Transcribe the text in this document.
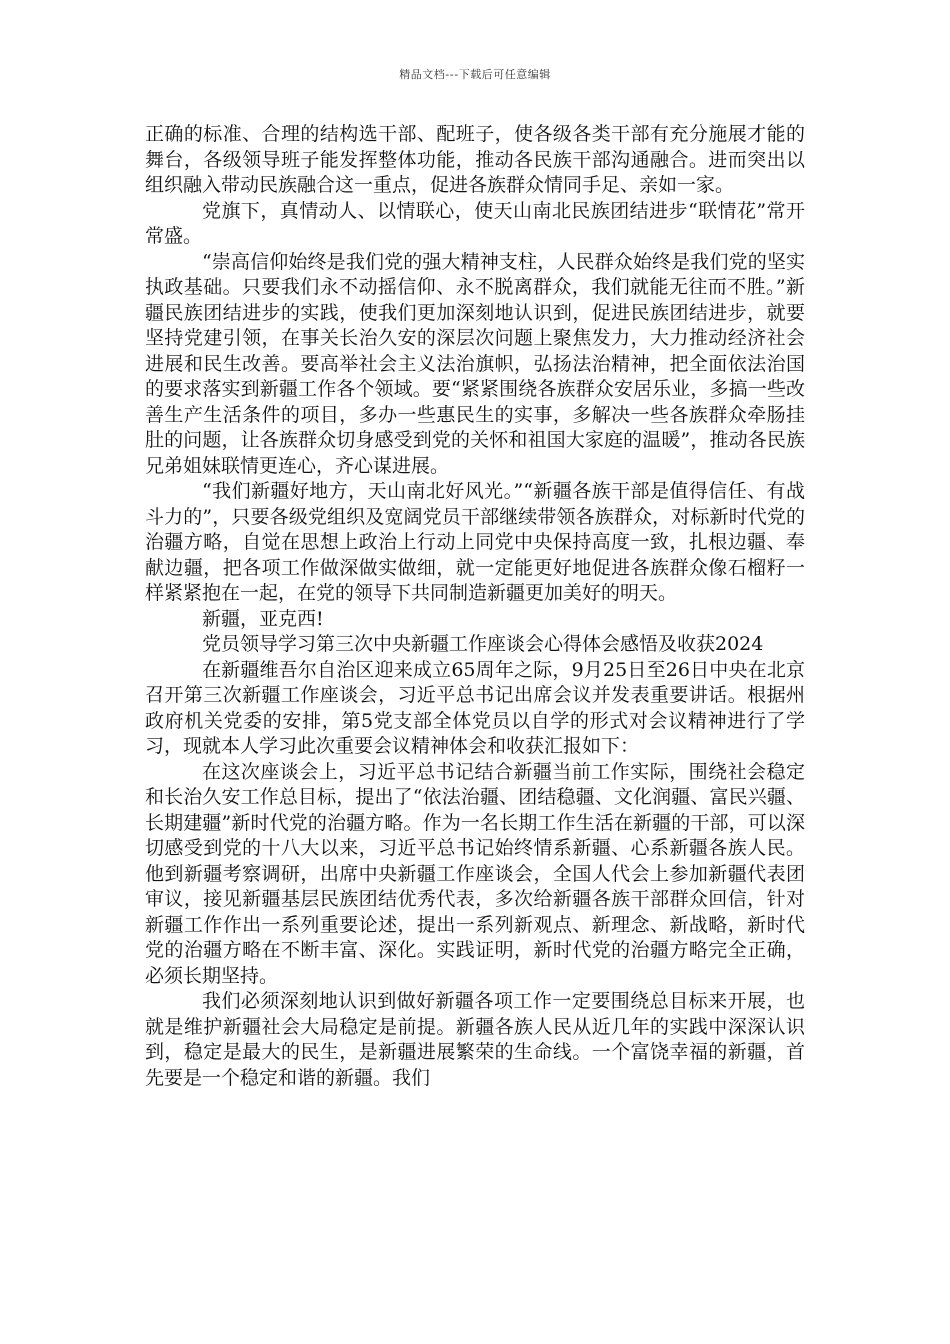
精品文档---下载后可任意编辑

正确的标准、合理的结构选干部、配班子，使各级各类干部有充分施展才能的舞台，各级领导班子能发挥整体功能，推动各民族干部沟通融合。进而突出以组织融入带动民族融合这一重点，促进各族群众情同手足、亲如一家。

党旗下，真情动人、以情联心，使天山南北民族团结进步“联情花”常开常盛。

“崇高信仰始终是我们党的强大精神支柱，人民群众始终是我们党的坚实执政基础。只要我们永不动摇信仰、永不脱离群众，我们就能无往而不胜。”新疆民族团结进步的实践，使我们更加深刻地认识到，促进民族团结进步，就要坚持党建引领，在事关长治久安的深层次问题上聚焦发力，大力推动经济社会进展和民生改善。要高举社会主义法治旗帜，弘扬法治精神，把全面依法治国的要求落实到新疆工作各个领域。要“紧紧围绕各族群众安居乐业，多搞一些改善生产生活条件的项目，多办一些惠民生的实事，多解决一些各族群众牵肠挂肚的问题，让各族群众切身感受到党的关怀和祖国大家庭的温暖”，推动各民族兄弟姐妹联情更连心，齐心谋进展。

“我们新疆好地方，天山南北好风光。”“新疆各族干部是值得信任、有战斗力的”，只要各级党组织及宽阔党员干部继续带领各族群众，对标新时代党的治疆方略，自觉在思想上政治上行动上同党中央保持高度一致，扎根边疆、奉献边疆，把各项工作做深做实做细，就一定能更好地促进各族群众像石榴籽一样紧紧抱在一起，在党的领导下共同制造新疆更加美好的明天。

新疆，亚克西!

党员领导学习第三次中央新疆工作座谈会心得体会感悟及收获2024

在新疆维吾尔自治区迎来成立65周年之际，9月25日至26日中央在北京召开第三次新疆工作座谈会，习近平总书记出席会议并发表重要讲话。根据州政府机关党委的安排，第5党支部全体党员以自学的形式对会议精神进行了学习，现就本人学习此次重要会议精神体会和收获汇报如下：

在这次座谈会上，习近平总书记结合新疆当前工作实际，围绕社会稳定和长治久安工作总目标，提出了“依法治疆、团结稳疆、文化润疆、富民兴疆、长期建疆”新时代党的治疆方略。作为一名长期工作生活在新疆的干部，可以深切感受到党的十八大以来，习近平总书记始终情系新疆、心系新疆各族人民。他到新疆考察调研，出席中央新疆工作座谈会，全国人代会上参加新疆代表团审议，接见新疆基层民族团结优秀代表，多次给新疆各族干部群众回信，针对新疆工作作出一系列重要论述，提出一系列新观点、新理念、新战略，新时代党的治疆方略在不断丰富、深化。实践证明，新时代党的治疆方略完全正确，必须长期坚持。

我们必须深刻地认识到做好新疆各项工作一定要围绕总目标来开展，也就是维护新疆社会大局稳定是前提。新疆各族人民从近几年的实践中深深认识到，稳定是最大的民生，是新疆进展繁荣的生命线。一个富饶幸福的新疆，首先要是一个稳定和谐的新疆。我们
